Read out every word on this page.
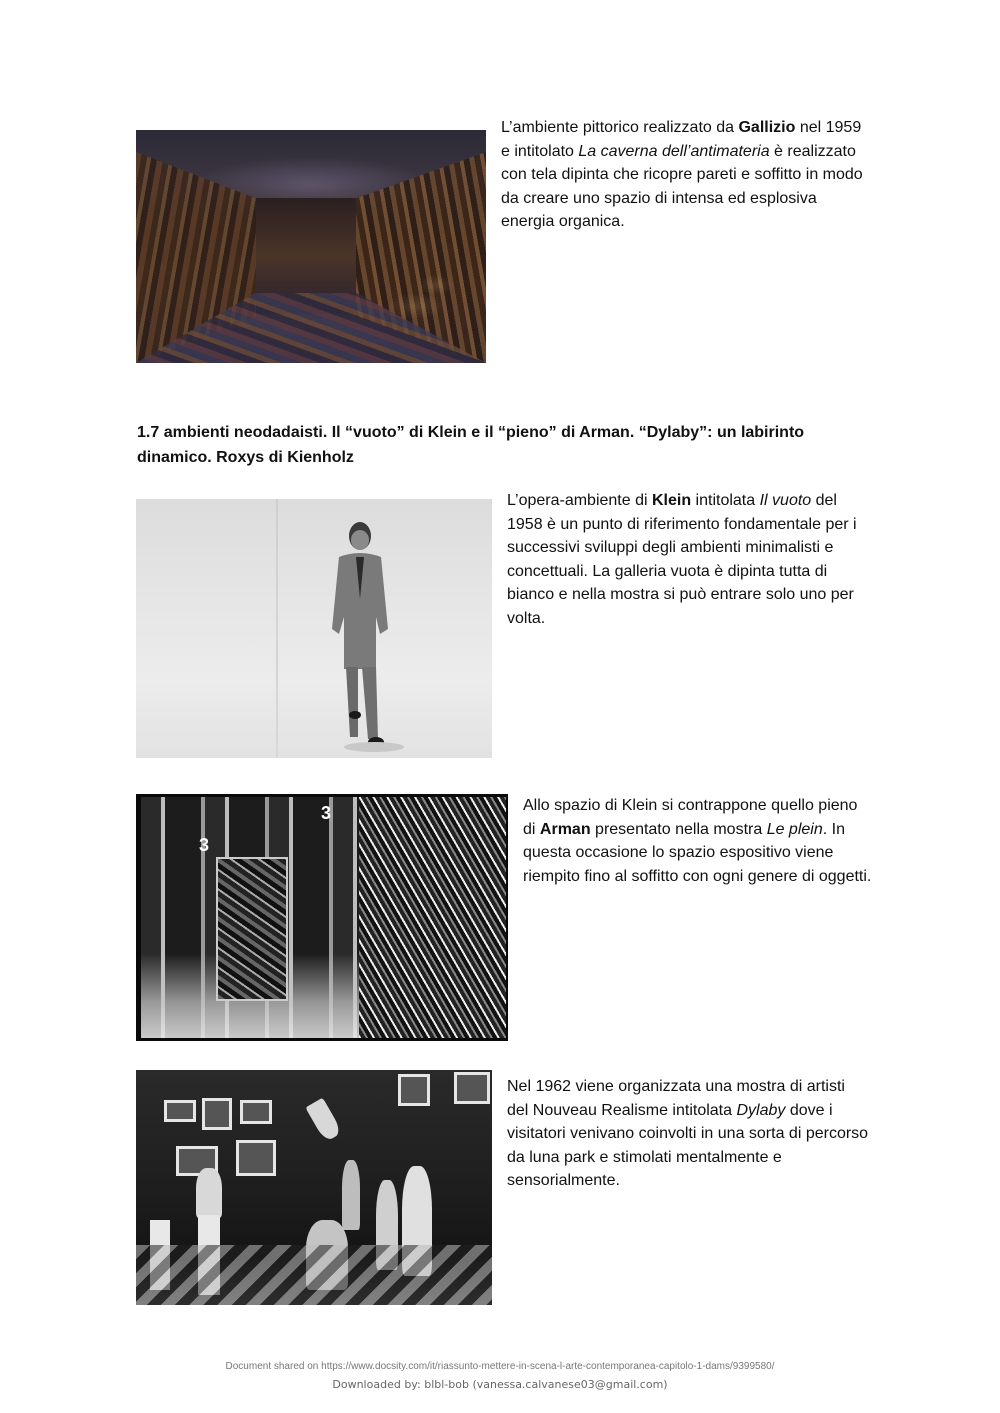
L’ambiente pittorico realizzato da Gallizio nel 1959 e intitolato La caverna dell’antimateria è realizzato con tela dipinta che ricopre pareti e soffitto in modo da creare uno spazio di intensa ed esplosiva energia organica.
1.7 ambienti neodadaisti. Il “vuoto” di Klein e il “pieno” di Arman. “Dylaby”: un labirinto dinamico. Roxys di Kienholz
L’opera-ambiente di Klein intitolata Il vuoto del 1958 è un punto di riferimento fondamentale per i successivi sviluppi degli ambienti minimalisti e concettuali. La galleria vuota è dipinta tutta di bianco e nella mostra si può entrare solo uno per volta.
3
3	Allo spazio di Klein si contrappone quello pieno di Arman presentato nella mostra Le plein. In questa occasione lo spazio espositivo viene riempito fino al soffitto con ogni genere di oggetti.
Nel 1962 viene organizzata una mostra di artisti del Nouveau Realisme intitolata Dylaby dove i visitatori venivano coinvolti in una sorta di percorso da luna park e stimolati mentalmente e sensorialmente.
Document shared on https://www.docsity.com/it/riassunto-mettere-in-scena-l-arte-contemporanea-capitolo-1-dams/9399580/
Downloaded by: blbl-bob (vanessa.calvanese03@gmail.com)
